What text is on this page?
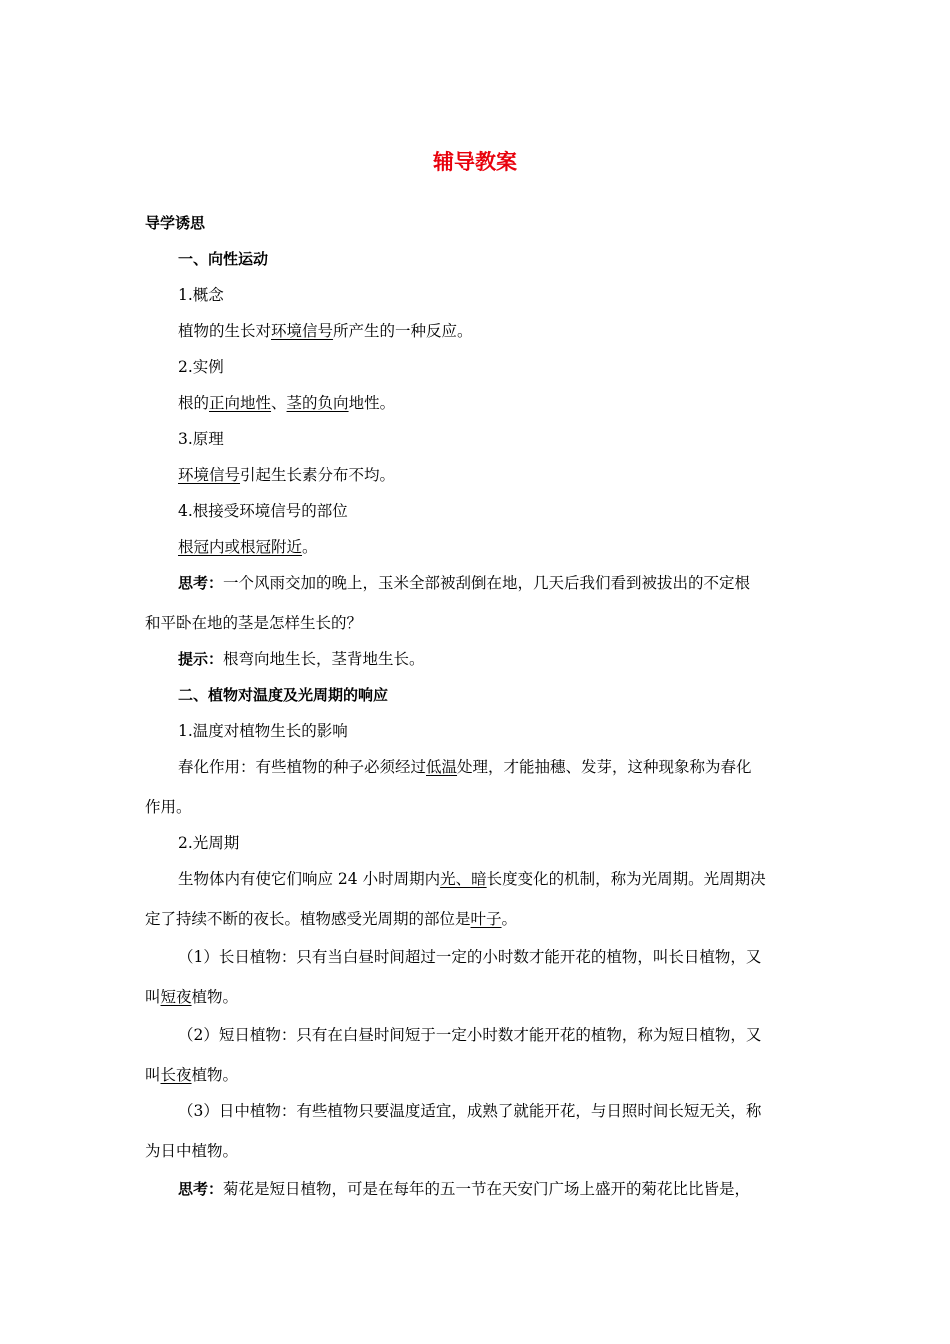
辅导教案
导学诱思
一、向性运动
1.概念
植物的生长对环境信号所产生的一种反应。
2.实例
根的正向地性、茎的负向地性。
3.原理
环境信号引起生长素分布不均。
4.根接受环境信号的部位
根冠内或根冠附近。
思考：一个风雨交加的晚上，玉米全部被刮倒在地，几天后我们看到被拔出的不定根
和平卧在地的茎是怎样生长的？
提示：根弯向地生长，茎背地生长。
二、植物对温度及光周期的响应
1.温度对植物生长的影响
春化作用：有些植物的种子必须经过低温处理，才能抽穗、发芽，这种现象称为春化
作用。
2.光周期
生物体内有使它们响应 24 小时周期内光、暗长度变化的机制，称为光周期。光周期决
定了持续不断的夜长。植物感受光周期的部位是叶子。
（1）长日植物：只有当白昼时间超过一定的小时数才能开花的植物，叫长日植物，又
叫短夜植物。
（2）短日植物：只有在白昼时间短于一定小时数才能开花的植物，称为短日植物，又
叫长夜植物。
（3）日中植物：有些植物只要温度适宜，成熟了就能开花，与日照时间长短无关，称
为日中植物。
思考：菊花是短日植物，可是在每年的五一节在天安门广场上盛开的菊花比比皆是，
